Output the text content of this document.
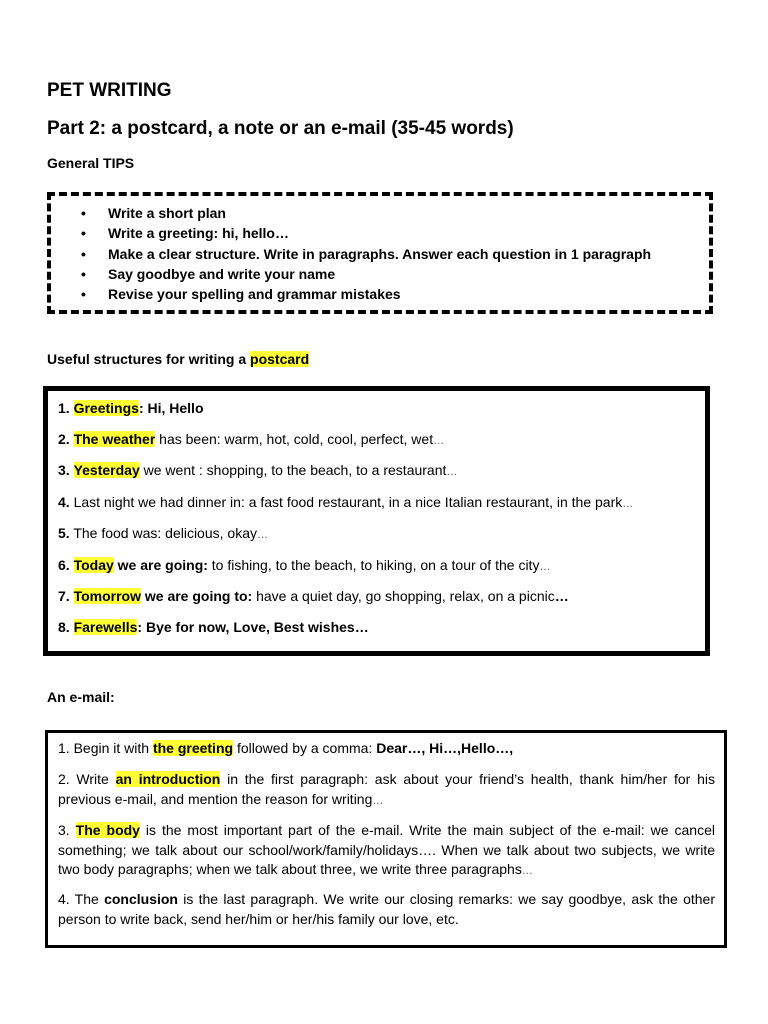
PET WRITING
Part 2: a postcard, a note or an e-mail (35-45 words)
General TIPS
• Write a short plan
• Write a greeting: hi, hello…
• Make a clear structure. Write in paragraphs. Answer each question in 1 paragraph
• Say goodbye and write your name
• Revise your spelling and grammar mistakes
Useful structures for writing a postcard
1. Greetings: Hi, Hello
2. The weather has been: warm, hot, cold, cool, perfect, wet…
3. Yesterday we went : shopping, to the beach, to a restaurant…
4. Last night we had dinner in: a fast food restaurant, in a nice Italian restaurant, in the park…
5. The food was: delicious, okay…
6. Today we are going: to fishing, to the beach, to hiking, on a tour of the city…
7. Tomorrow we are going to: have a quiet day, go shopping, relax, on a picnic…
8. Farewells: Bye for now, Love, Best wishes…
An e-mail:
1. Begin it with the greeting followed by a comma: Dear…, Hi…,Hello…,
2. Write an introduction in the first paragraph: ask about your friend’s health, thank him/her for his previous e-mail, and mention the reason for writing…
3. The body is the most important part of the e-mail. Write the main subject of the e-mail: we cancel something; we talk about our school/work/family/holidays…. When we talk about two subjects, we write two body paragraphs; when we talk about three, we write three paragraphs…
4. The conclusion is the last paragraph. We write our closing remarks: we say goodbye, ask the other person to write back, send her/him or her/his family our love, etc.
